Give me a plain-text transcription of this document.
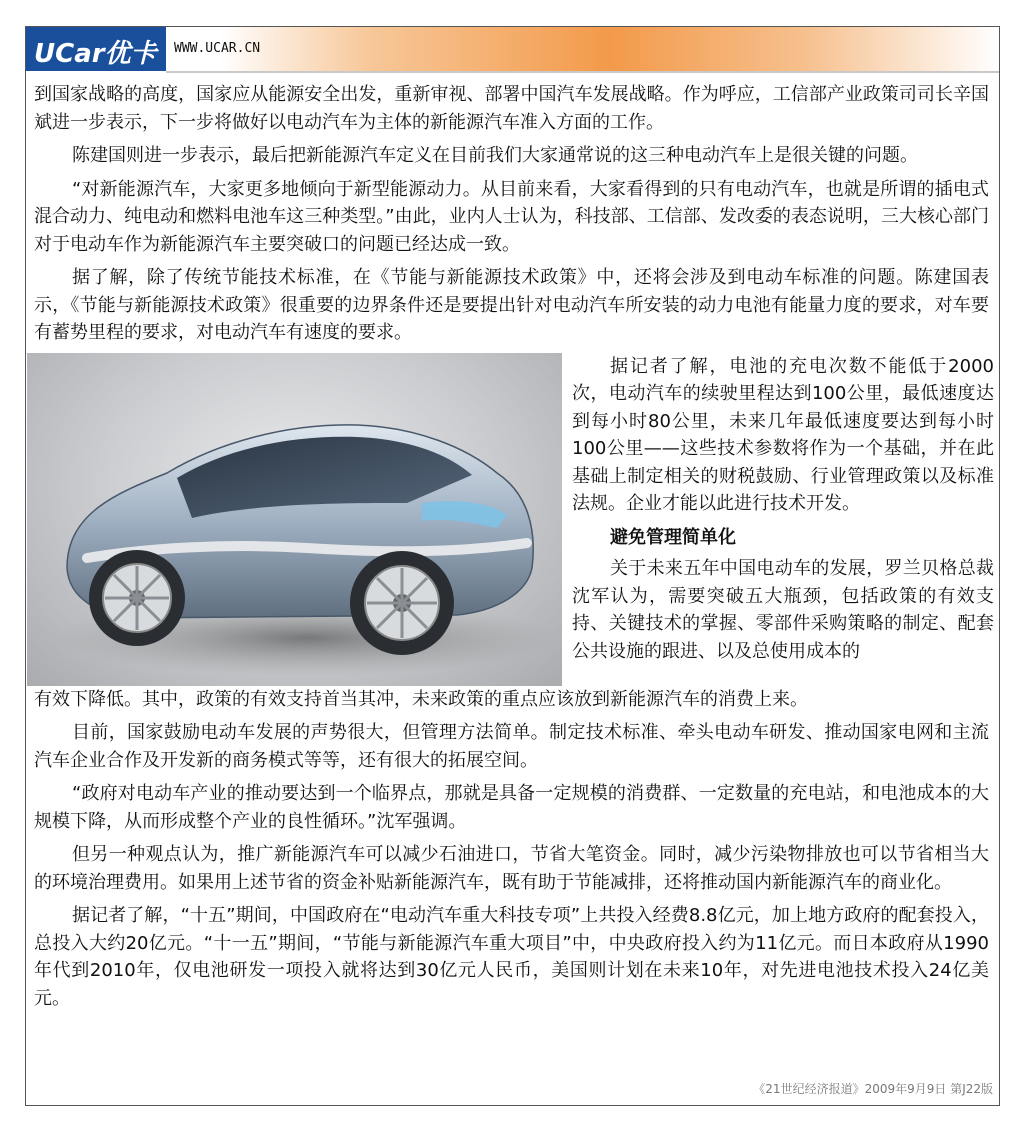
UCar优卡 WWW.UCAR.CN

到国家战略的高度，国家应从能源安全出发，重新审视、部署中国汽车发展战略。作为呼应，工信部产业政策司司长辛国斌进一步表示，下一步将做好以电动汽车为主体的新能源汽车准入方面的工作。

陈建国则进一步表示，最后把新能源汽车定义在目前我们大家通常说的这三种电动汽车上是很关键的问题。

“对新能源汽车，大家更多地倾向于新型能源动力。从目前来看，大家看得到的只有电动汽车，也就是所谓的插电式混合动力、纯电动和燃料电池车这三种类型。”由此，业内人士认为，科技部、工信部、发改委的表态说明，三大核心部门对于电动车作为新能源汽车主要突破口的问题已经达成一致。

据了解，除了传统节能技术标准，在《节能与新能源技术政策》中，还将会涉及到电动车标准的问题。陈建国表示，《节能与新能源技术政策》很重要的边界条件还是要提出针对电动汽车所安装的动力电池有能量力度的要求，对车要有蓄势里程的要求，对电动汽车有速度的要求。

据记者了解，电池的充电次数不能低于2000次，电动汽车的续驶里程达到100公里，最低速度达到每小时80公里，未来几年最低速度要达到每小时100公里——这些技术参数将作为一个基础，并在此基础上制定相关的财税鼓励、行业管理政策以及标准法规。企业才能以此进行技术开发。

避免管理简单化

关于未来五年中国电动车的发展，罗兰贝格总裁沈军认为，需要突破五大瓶颈，包括政策的有效支持、关键技术的掌握、零部件采购策略的制定、配套公共设施的跟进、以及总使用成本的

有效下降低。其中，政策的有效支持首当其冲，未来政策的重点应该放到新能源汽车的消费上来。

目前，国家鼓励电动车发展的声势很大，但管理方法简单。制定技术标准、牵头电动车研发、推动国家电网和主流汽车企业合作及开发新的商务模式等等，还有很大的拓展空间。

“政府对电动车产业的推动要达到一个临界点，那就是具备一定规模的消费群、一定数量的充电站，和电池成本的大规模下降，从而形成整个产业的良性循环。”沈军强调。

但另一种观点认为，推广新能源汽车可以减少石油进口，节省大笔资金。同时，减少污染物排放也可以节省相当大的环境治理费用。如果用上述节省的资金补贴新能源汽车，既有助于节能减排，还将推动国内新能源汽车的商业化。

据记者了解，“十五”期间，中国政府在“电动汽车重大科技专项”上共投入经费8.8亿元，加上地方政府的配套投入，总投入大约20亿元。“十一五”期间，“节能与新能源汽车重大项目”中，中央政府投入约为11亿元。而日本政府从1990年代到2010年，仅电池研发一项投入就将达到30亿元人民币，美国则计划在未来10年，对先进电池技术投入24亿美元。

《21世纪经济报道》2009年9月9日 第J22版
